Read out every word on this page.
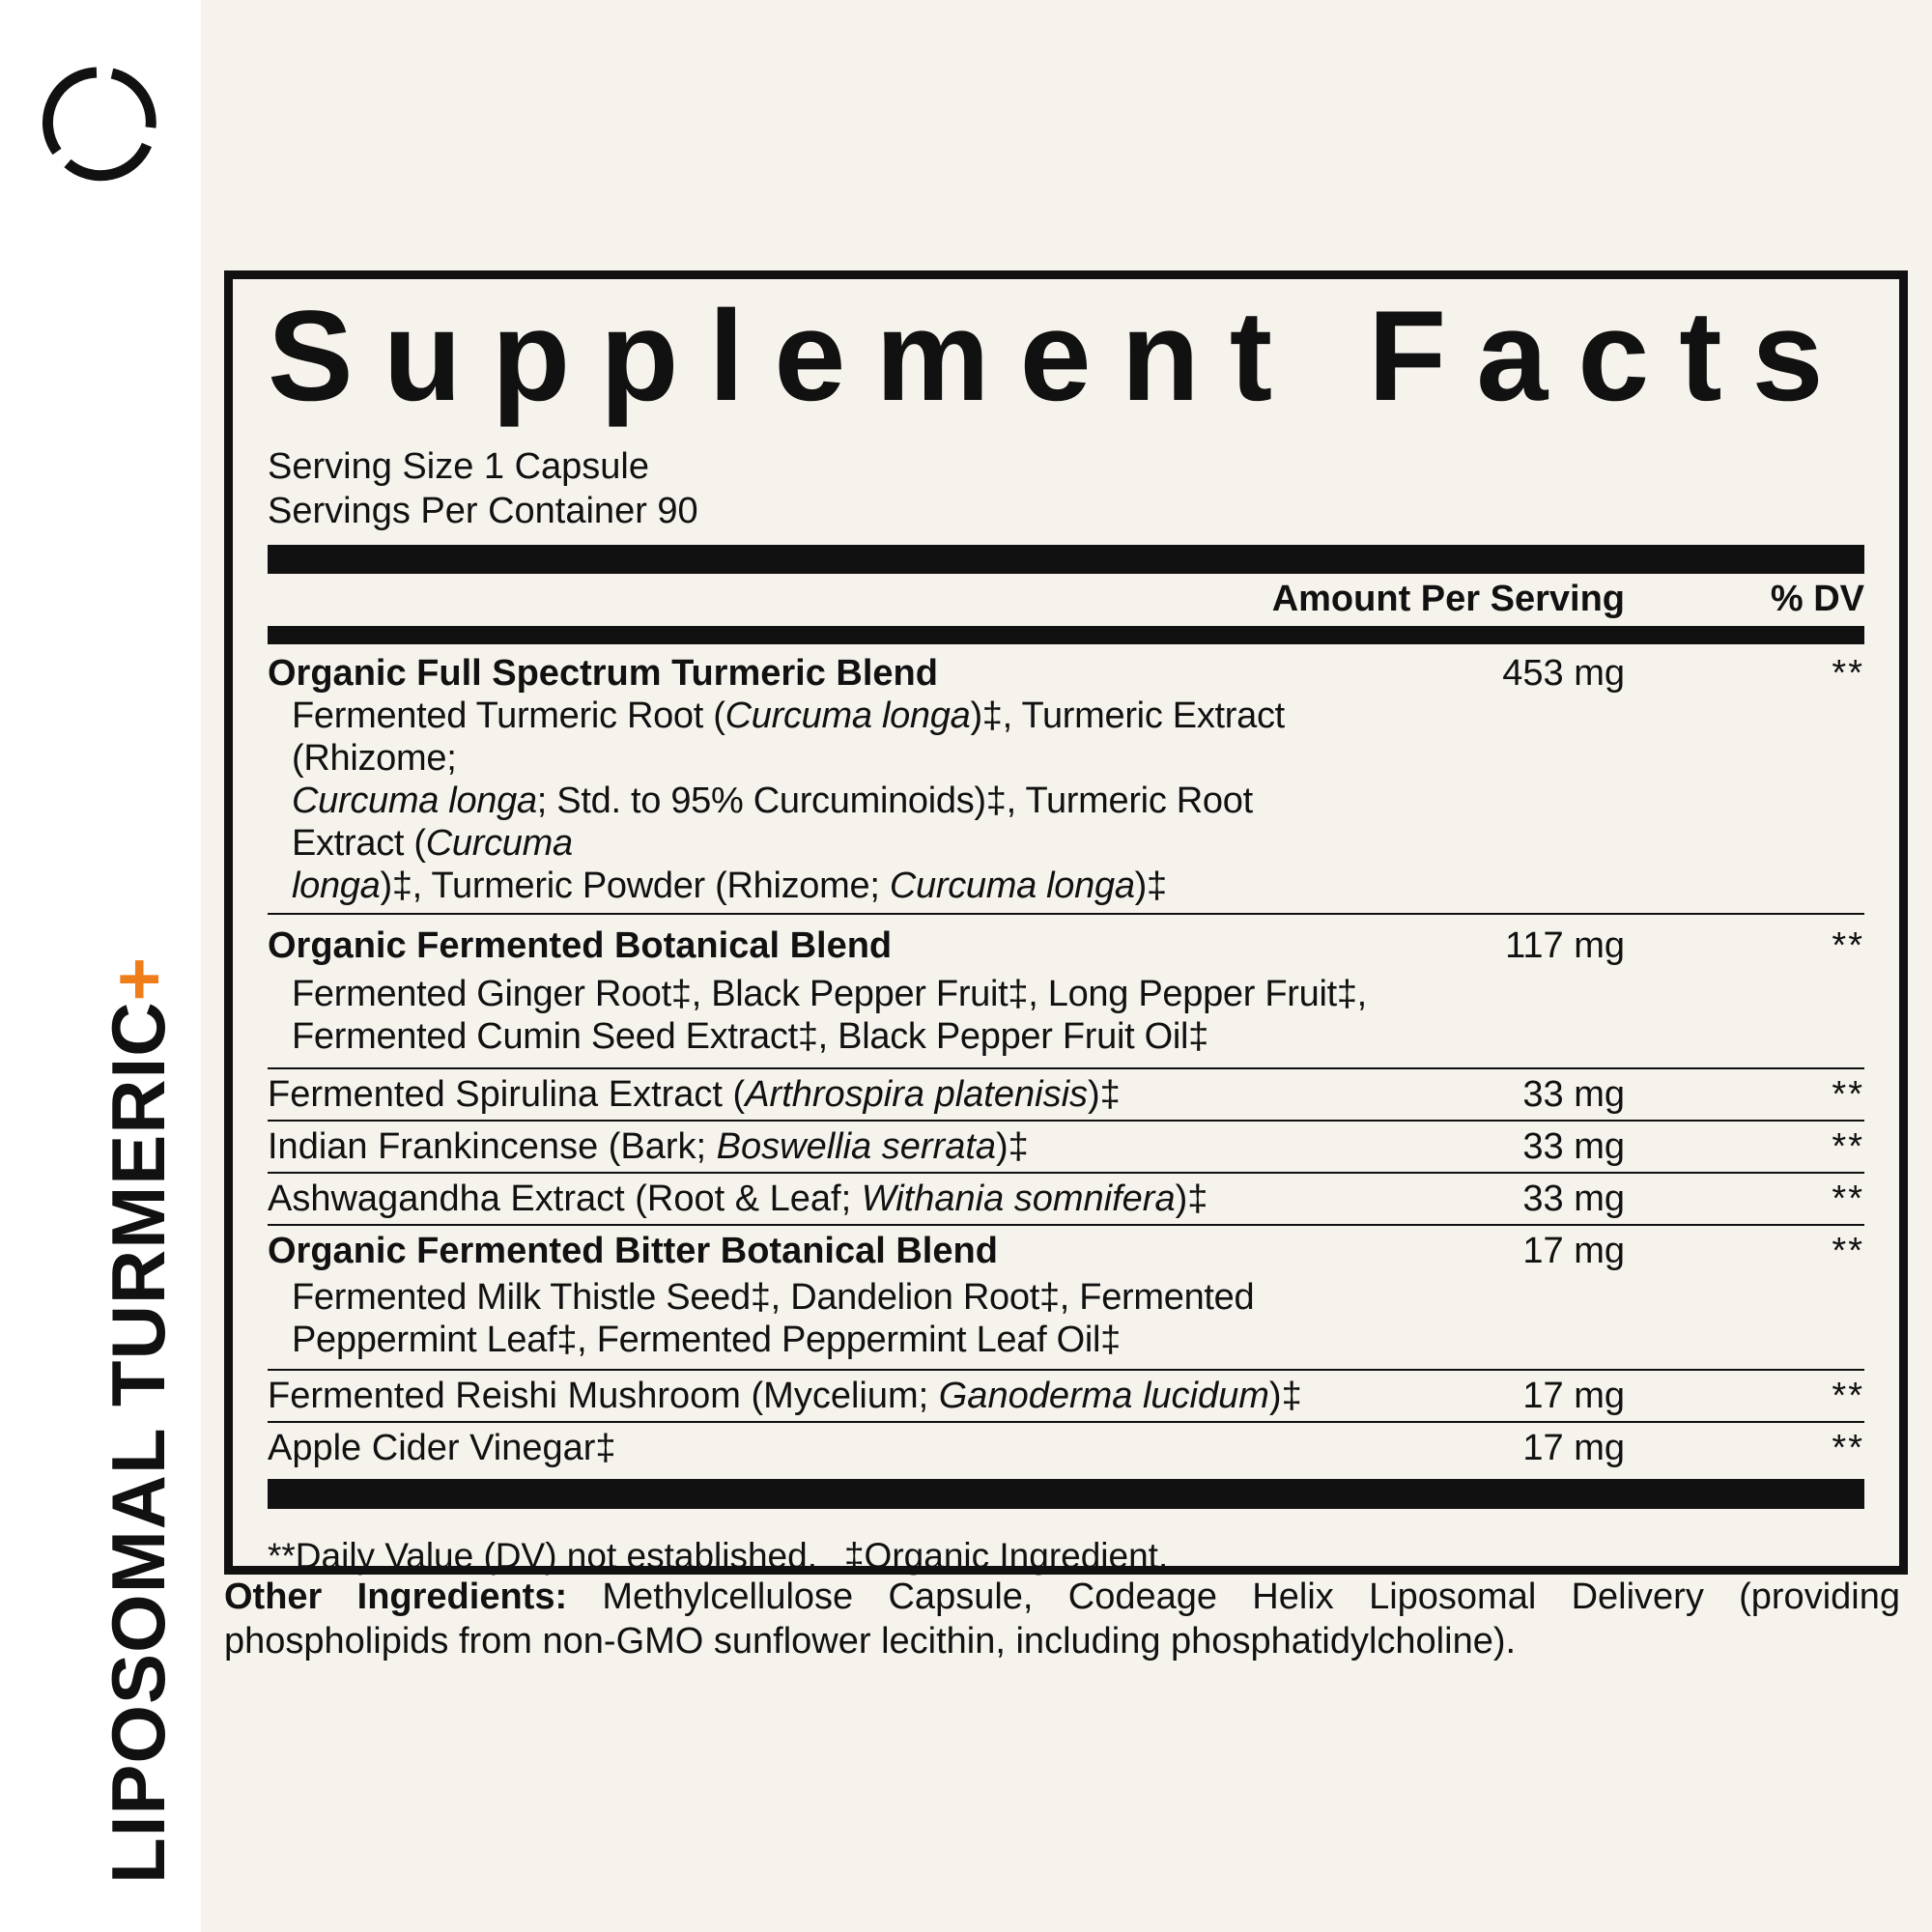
LIPOSOMAL TURMERIC+
Supplement Facts
Serving Size 1 Capsule
Servings Per Container 90
Amount Per Serving	% DV
Organic Full Spectrum Turmeric Blend
Fermented Turmeric Root (Curcuma longa)‡, Turmeric Extract (Rhizome;
Curcuma longa; Std. to 95% Curcuminoids)‡, Turmeric Root Extract (Curcuma
longa)‡, Turmeric Powder (Rhizome; Curcuma longa)‡
453 mg	**
Organic Fermented Botanical Blend
Fermented Ginger Root‡, Black Pepper Fruit‡, Long Pepper Fruit‡,
Fermented Cumin Seed Extract‡, Black Pepper Fruit Oil‡
117 mg	**
Fermented Spirulina Extract (Arthrospira platenisis)‡	33 mg	**
Indian Frankincense (Bark; Boswellia serrata)‡	33 mg	**
Ashwagandha Extract (Root & Leaf; Withania somnifera)‡	33 mg	**
Organic Fermented Bitter Botanical Blend
Fermented Milk Thistle Seed‡, Dandelion Root‡, Fermented
Peppermint Leaf‡, Fermented Peppermint Leaf Oil‡
17 mg	**
Fermented Reishi Mushroom (Mycelium; Ganoderma lucidum)‡	17 mg	**
Apple Cider Vinegar‡	17 mg	**
**Daily Value (DV) not established. ‡Organic Ingredient.
Other Ingredients: Methylcellulose Capsule, Codeage Helix Liposomal Delivery (providing phospholipids from non-GMO sunflower lecithin, including phosphatidylcholine).
